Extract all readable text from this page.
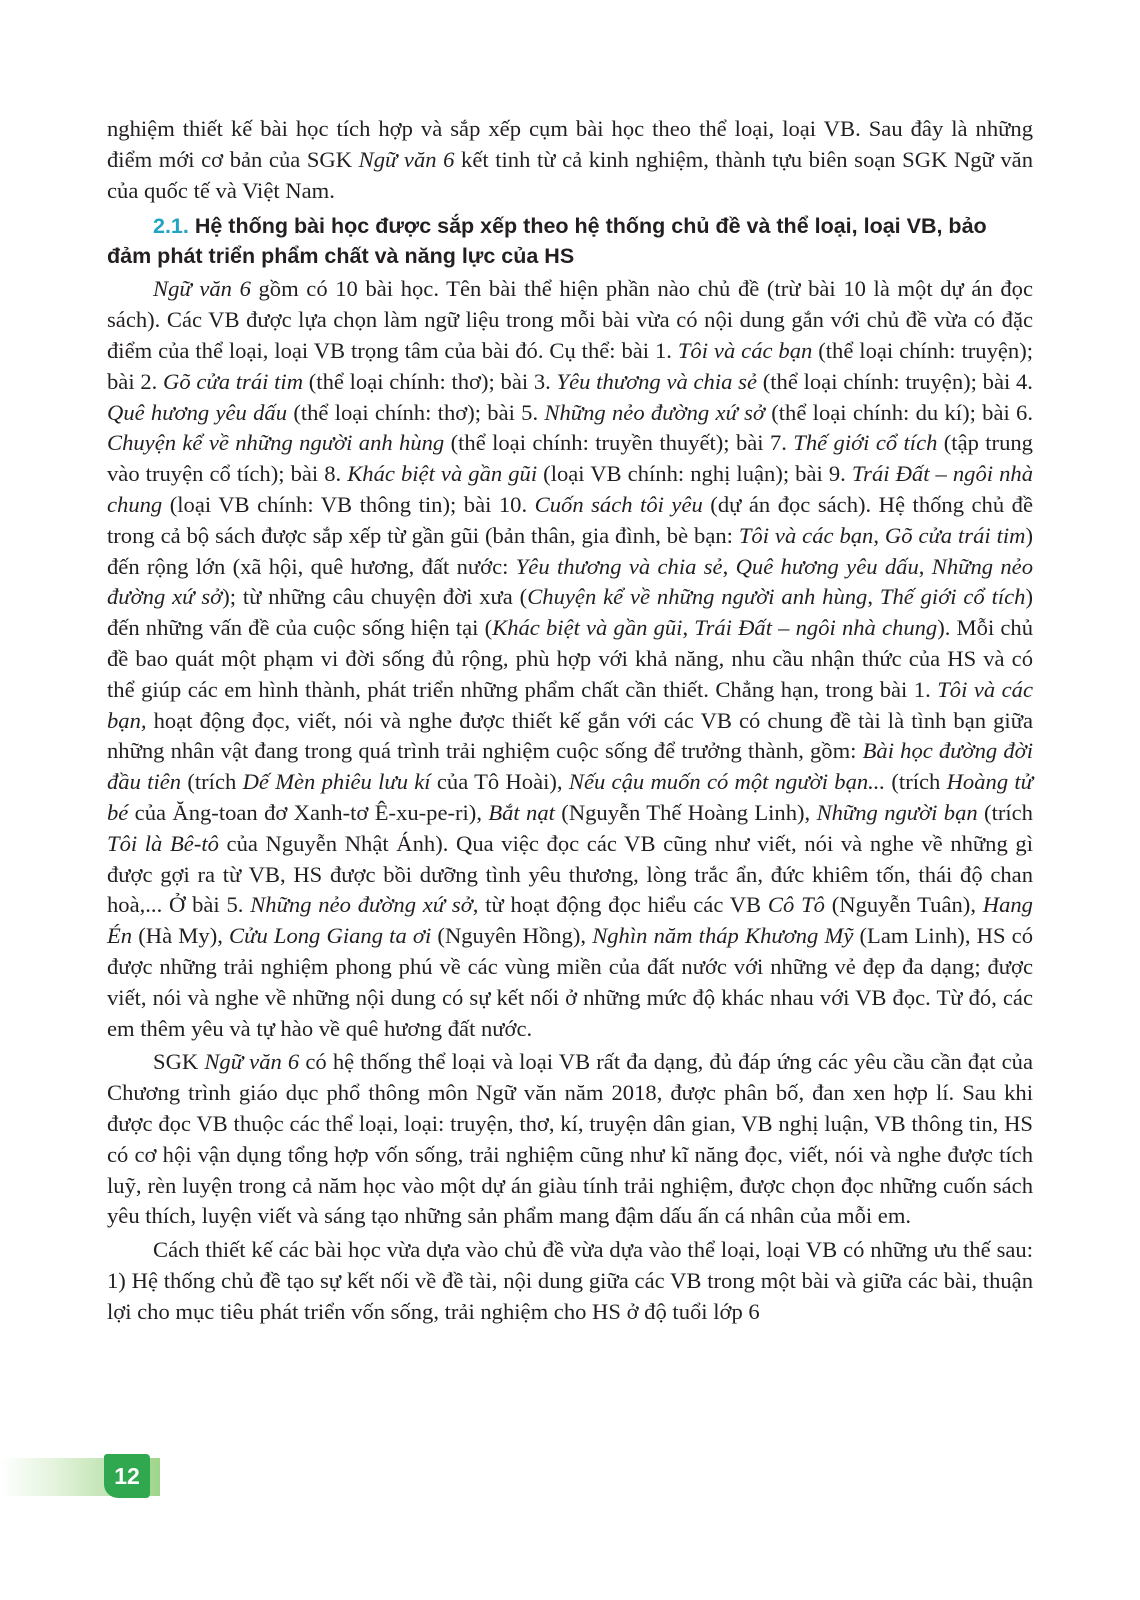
nghiệm thiết kế bài học tích hợp và sắp xếp cụm bài học theo thể loại, loại VB. Sau đây là những điểm mới cơ bản của SGK Ngữ văn 6 kết tinh từ cả kinh nghiệm, thành tựu biên soạn SGK Ngữ văn của quốc tế và Việt Nam.

2.1. Hệ thống bài học được sắp xếp theo hệ thống chủ đề và thể loại, loại VB, bảo đảm phát triển phẩm chất và năng lực của HS

Ngữ văn 6 gồm có 10 bài học. Tên bài thể hiện phần nào chủ đề (trừ bài 10 là một dự án đọc sách). Các VB được lựa chọn làm ngữ liệu trong mỗi bài vừa có nội dung gắn với chủ đề vừa có đặc điểm của thể loại, loại VB trọng tâm của bài đó. Cụ thể: bài 1. Tôi và các bạn (thể loại chính: truyện); bài 2. Gõ cửa trái tim (thể loại chính: thơ); bài 3. Yêu thương và chia sẻ (thể loại chính: truyện); bài 4. Quê hương yêu dấu (thể loại chính: thơ); bài 5. Những nẻo đường xứ sở (thể loại chính: du kí); bài 6. Chuyện kể về những người anh hùng (thể loại chính: truyền thuyết); bài 7. Thế giới cổ tích (tập trung vào truyện cổ tích); bài 8. Khác biệt và gần gũi (loại VB chính: nghị luận); bài 9. Trái Đất – ngôi nhà chung (loại VB chính: VB thông tin); bài 10. Cuốn sách tôi yêu (dự án đọc sách). Hệ thống chủ đề trong cả bộ sách được sắp xếp từ gần gũi (bản thân, gia đình, bè bạn: Tôi và các bạn, Gõ cửa trái tim) đến rộng lớn (xã hội, quê hương, đất nước: Yêu thương và chia sẻ, Quê hương yêu dấu, Những nẻo đường xứ sở); từ những câu chuyện đời xưa (Chuyện kể về những người anh hùng, Thế giới cổ tích) đến những vấn đề của cuộc sống hiện tại (Khác biệt và gần gũi, Trái Đất – ngôi nhà chung). Mỗi chủ đề bao quát một phạm vi đời sống đủ rộng, phù hợp với khả năng, nhu cầu nhận thức của HS và có thể giúp các em hình thành, phát triển những phẩm chất cần thiết. Chẳng hạn, trong bài 1. Tôi và các bạn, hoạt động đọc, viết, nói và nghe được thiết kế gắn với các VB có chung đề tài là tình bạn giữa những nhân vật đang trong quá trình trải nghiệm cuộc sống để trưởng thành, gồm: Bài học đường đời đầu tiên (trích Dế Mèn phiêu lưu kí của Tô Hoài), Nếu cậu muốn có một người bạn... (trích Hoàng tử bé của Ăng-toan đơ Xanh-tơ Ê-xu-pe-ri), Bắt nạt (Nguyễn Thế Hoàng Linh), Những người bạn (trích Tôi là Bê-tô của Nguyễn Nhật Ánh). Qua việc đọc các VB cũng như viết, nói và nghe về những gì được gợi ra từ VB, HS được bồi dưỡng tình yêu thương, lòng trắc ẩn, đức khiêm tốn, thái độ chan hoà,... Ở bài 5. Những nẻo đường xứ sở, từ hoạt động đọc hiểu các VB Cô Tô (Nguyễn Tuân), Hang Én (Hà My), Cửu Long Giang ta ơi (Nguyên Hồng), Nghìn năm tháp Khương Mỹ (Lam Linh), HS có được những trải nghiệm phong phú về các vùng miền của đất nước với những vẻ đẹp đa dạng; được viết, nói và nghe về những nội dung có sự kết nối ở những mức độ khác nhau với VB đọc. Từ đó, các em thêm yêu và tự hào về quê hương đất nước.

SGK Ngữ văn 6 có hệ thống thể loại và loại VB rất đa dạng, đủ đáp ứng các yêu cầu cần đạt của Chương trình giáo dục phổ thông môn Ngữ văn năm 2018, được phân bố, đan xen hợp lí. Sau khi được đọc VB thuộc các thể loại, loại: truyện, thơ, kí, truyện dân gian, VB nghị luận, VB thông tin, HS có cơ hội vận dụng tổng hợp vốn sống, trải nghiệm cũng như kĩ năng đọc, viết, nói và nghe được tích luỹ, rèn luyện trong cả năm học vào một dự án giàu tính trải nghiệm, được chọn đọc những cuốn sách yêu thích, luyện viết và sáng tạo những sản phẩm mang đậm dấu ấn cá nhân của mỗi em.

Cách thiết kế các bài học vừa dựa vào chủ đề vừa dựa vào thể loại, loại VB có những ưu thế sau: 1) Hệ thống chủ đề tạo sự kết nối về đề tài, nội dung giữa các VB trong một bài và giữa các bài, thuận lợi cho mục tiêu phát triển vốn sống, trải nghiệm cho HS ở độ tuổi lớp 6

12
